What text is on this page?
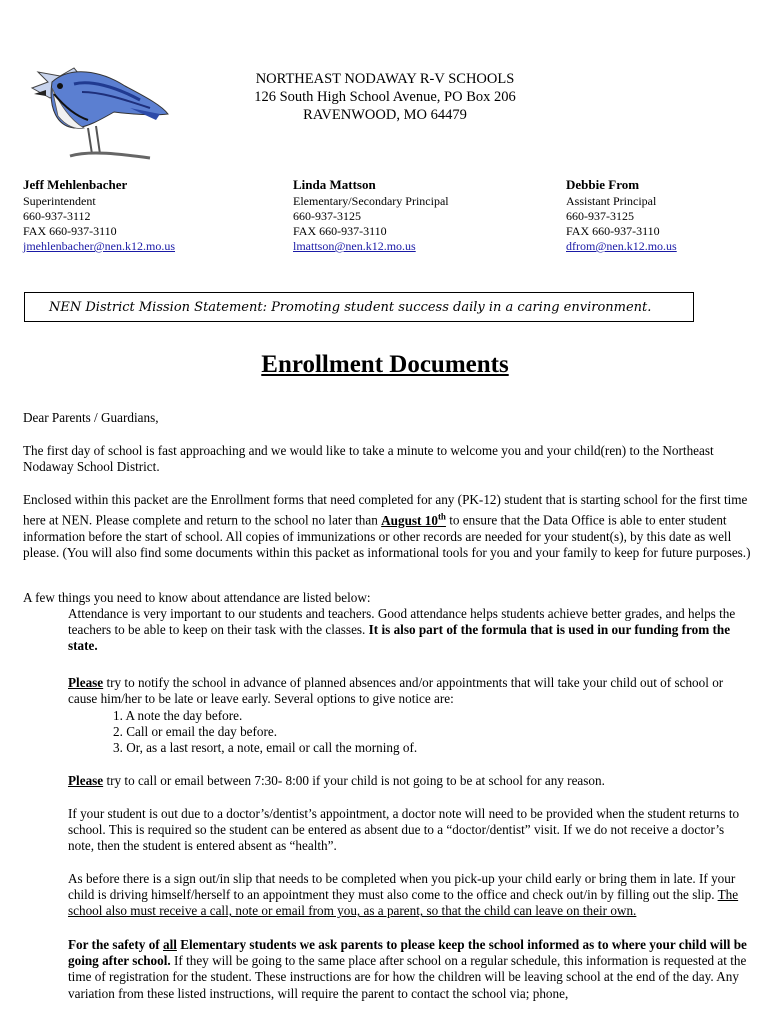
NORTHEAST NODAWAY R-V SCHOOLS
126 South High School Avenue, PO Box 206
RAVENWOOD, MO 64479
Jeff Mehlenbacher
Superintendent
660-937-3112
FAX 660-937-3110
jmehlenbacher@nen.k12.mo.us
Linda Mattson
Elementary/Secondary Principal
660-937-3125
FAX 660-937-3110
lmattson@nen.k12.mo.us
Debbie From
Assistant Principal
660-937-3125
FAX 660-937-3110
dfrom@nen.k12.mo.us
NEN District Mission Statement: Promoting student success daily in a caring environment.
Enrollment Documents
Dear Parents / Guardians,
The first day of school is fast approaching and we would like to take a minute to welcome you and your child(ren) to the Northeast Nodaway School District.
Enclosed within this packet are the Enrollment forms that need completed for any (PK-12) student that is starting school for the first time here at NEN. Please complete and return to the school no later than August 10th to ensure that the Data Office is able to enter student information before the start of school. All copies of immunizations or other records are needed for your student(s), by this date as well please. (You will also find some documents within this packet as informational tools for you and your family to keep for future purposes.)
A few things you need to know about attendance are listed below:
Attendance is very important to our students and teachers. Good attendance helps students achieve better grades, and helps the teachers to be able to keep on their task with the classes. It is also part of the formula that is used in our funding from the state.
Please try to notify the school in advance of planned absences and/or appointments that will take your child out of school or cause him/her to be late or leave early. Several options to give notice are:
1. A note the day before.
2. Call or email the day before.
3. Or, as a last resort, a note, email or call the morning of.
Please try to call or email between 7:30- 8:00 if your child is not going to be at school for any reason.
If your student is out due to a doctor’s/dentist’s appointment, a doctor note will need to be provided when the student returns to school. This is required so the student can be entered as absent due to a “doctor/dentist” visit. If we do not receive a doctor’s note, then the student is entered absent as “health”.
As before there is a sign out/in slip that needs to be completed when you pick-up your child early or bring them in late. If your child is driving himself/herself to an appointment they must also come to the office and check out/in by filling out the slip. The school also must receive a call, note or email from you, as a parent, so that the child can leave on their own.
For the safety of all Elementary students we ask parents to please keep the school informed as to where your child will be going after school. If they will be going to the same place after school on a regular schedule, this information is requested at the time of registration for the student. These instructions are for how the children will be leaving school at the end of the day. Any variation from these listed instructions, will require the parent to contact the school via; phone,
